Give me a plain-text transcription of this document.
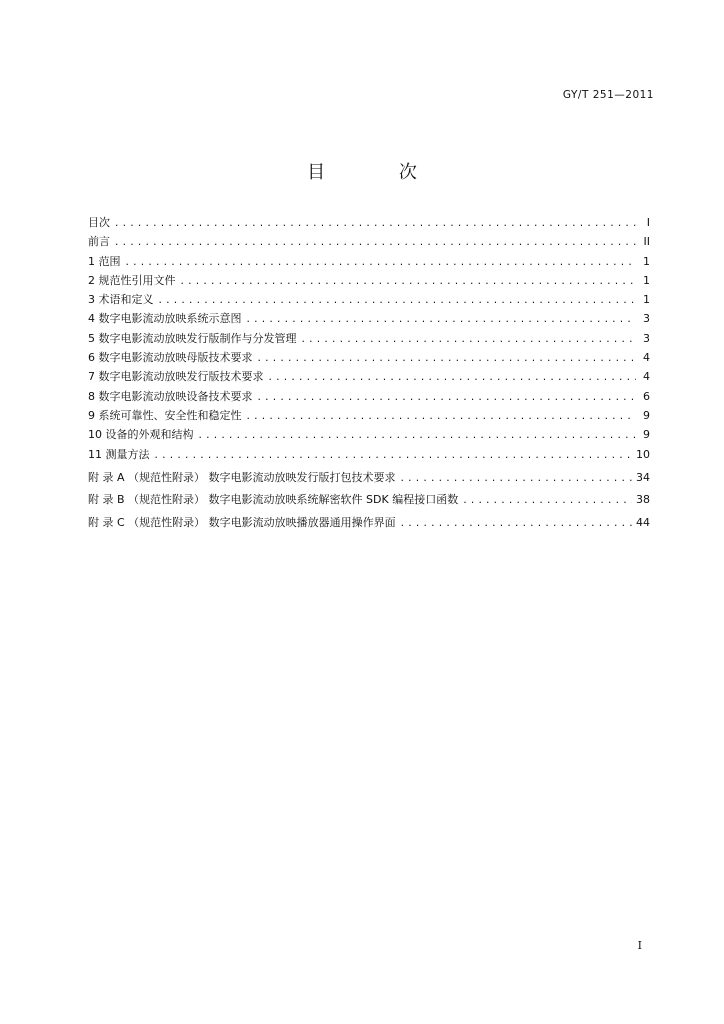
GY/T 251—2011
目 次
目次 .....	I
前言 .....	II
1 范围 .....	1
2 规范性引用文件 .....	1
3 术语和定义 .....	1
4 数字电影流动放映系统示意图 .....	3
5 数字电影流动放映发行版制作与分发管理 .....	3
6 数字电影流动放映母版技术要求 .....	4
7 数字电影流动放映发行版技术要求 .....	4
8 数字电影流动放映设备技术要求 .....	6
9 系统可靠性、安全性和稳定性 .....	9
10 设备的外观和结构 .....	9
11 测量方法 .....	10
附 录 A （规范性附录） 数字电影流动放映发行版打包技术要求 .....	34
附 录 B （规范性附录） 数字电影流动放映系统解密软件 SDK 编程接口函数 .....	38
附 录 C （规范性附录） 数字电影流动放映播放器通用操作界面 .....	44
I
